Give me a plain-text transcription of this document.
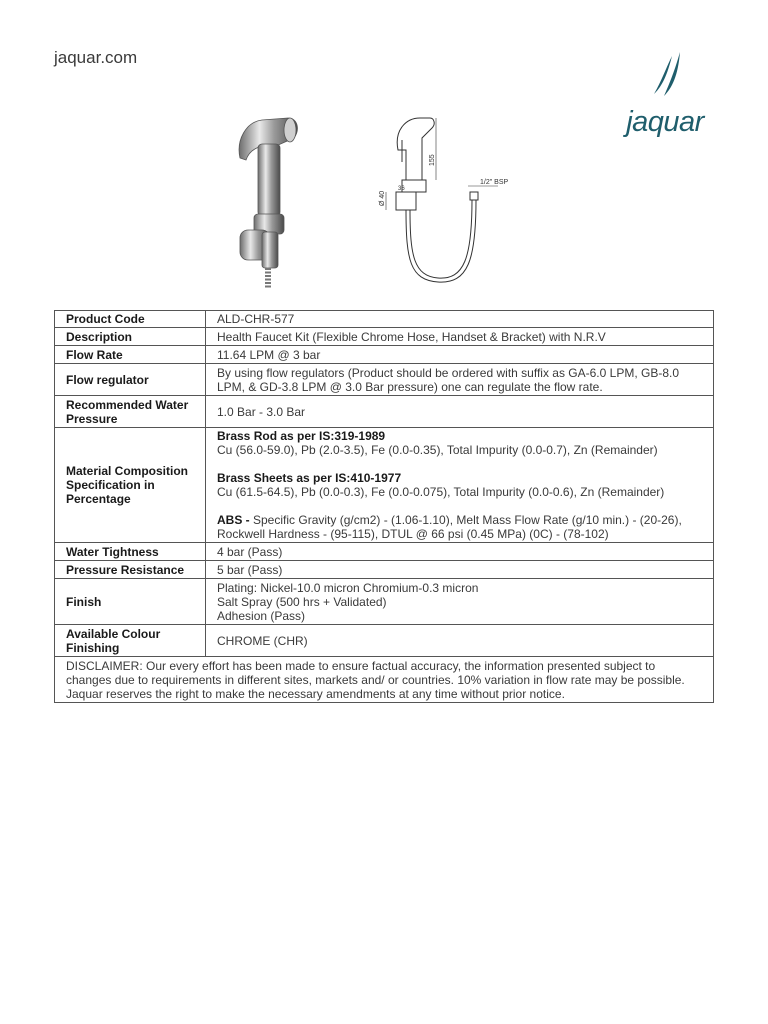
jaquar.com
jaquar
155
Ø 40
36
1/2" BSP
Product Code	ALD-CHR-577
Description	Health Faucet Kit (Flexible Chrome Hose, Handset & Bracket) with N.R.V
Flow Rate	11.64 LPM @ 3 bar
Flow regulator	By using flow regulators (Product should be ordered with suffix as GA-6.0 LPM, GB-8.0 LPM, & GD-3.8 LPM @ 3.0 Bar pressure) one can regulate the flow rate.
Recommended Water Pressure	1.0 Bar - 3.0 Bar
Material Composition Specification in Percentage	Brass Rod as per IS:319-1989
Cu (56.0-59.0), Pb (2.0-3.5), Fe (0.0-0.35), Total Impurity (0.0-0.7), Zn (Remainder)
Brass Sheets as per IS:410-1977
Cu (61.5-64.5), Pb (0.0-0.3), Fe (0.0-0.075), Total Impurity (0.0-0.6), Zn (Remainder)
ABS - Specific Gravity (g/cm2) - (1.06-1.10), Melt Mass Flow Rate (g/10 min.) - (20-26), Rockwell Hardness - (95-115), DTUL @ 66 psi (0.45 MPa) (0C) - (78-102)

Water Tightness	4 bar (Pass)
Pressure Resistance	5 bar (Pass)
Finish	Plating: Nickel-10.0 micron Chromium-0.3 micron
Salt Spray (500 hrs + Validated)
Adhesion (Pass)

Available Colour Finishing	CHROME (CHR)
DISCLAIMER: Our every effort has been made to ensure factual accuracy, the information presented subject to changes due to requirements in different sites, markets and/ or countries. 10% variation in flow rate may be possible. Jaquar reserves the right to make the necessary amendments at any time without prior notice.	
